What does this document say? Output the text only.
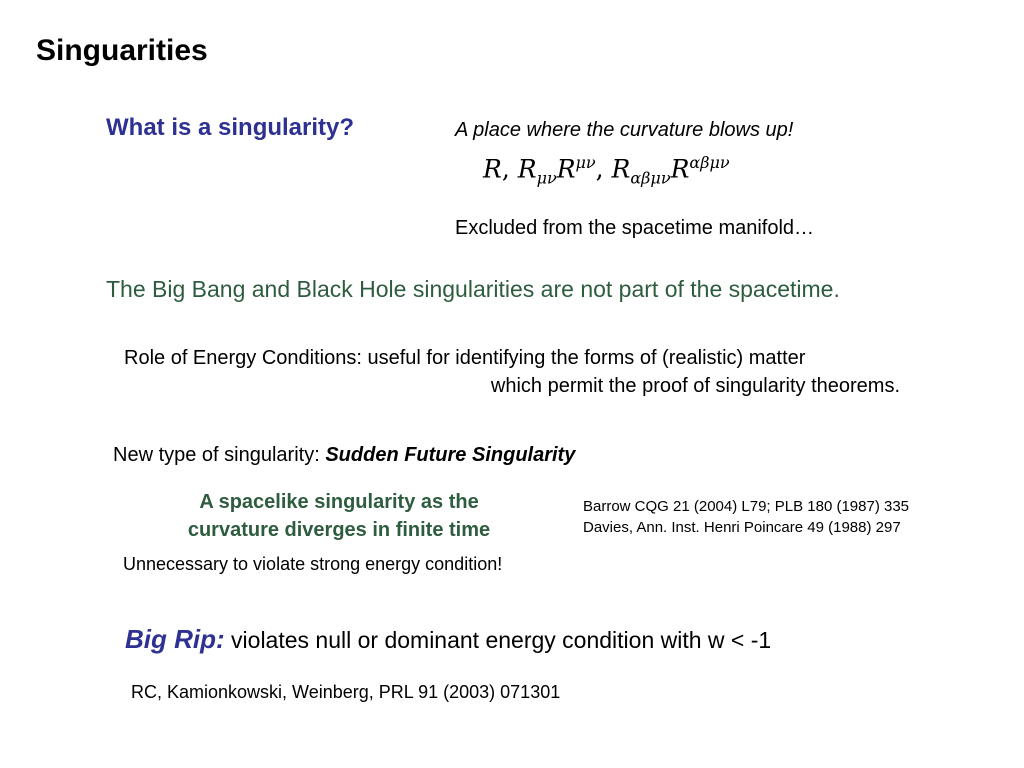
Singuarities
What is a singularity?	A place where the curvature blows up!
R, $R_{\mu\nu}R^{\mu\nu}$, $R_{\alpha\beta\mu\nu}R^{\alpha\beta\mu\nu}$
Excluded from the spacetime manifold…
The Big Bang and Black Hole singularities are not part of the spacetime.
Role of Energy Conditions: useful for identifying the forms of (realistic) matter
which permit the proof of singularity theorems.
New type of singularity: Sudden Future Singularity
A spacelike singularity as the
curvature diverges in finite time
Barrow CQG 21 (2004) L79; PLB 180 (1987) 335
Davies, Ann. Inst. Henri Poincare 49 (1988) 297
Unnecessary to violate strong energy condition!
Big Rip: violates null or dominant energy condition with w < -1
RC, Kamionkowski, Weinberg, PRL 91 (2003) 071301
